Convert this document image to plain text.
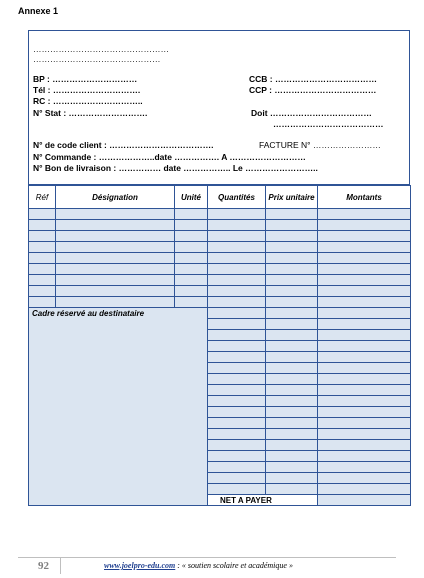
Annexe 1
…………………………………………
………………………………………
BP : …………………………	CCB : ………………………………
Tél : ………………………….	CCP : ………………………………
RC : …………………………..
N° Stat : ……………………….	Doit ………………………………
…………………………………
N° de code client : ……………………………….	FACTURE N° ……………………
N° Commande : ………………..date ……………. A ………………………
N° Bon de livraison : …………… date …………….. Le ……………………..
Réf	Désignation	Unité	Quantités	Prix unitaire	Montants

Cadre réservé au destinataire					

			NET A PAYER		
92	www.joelpro-edu.com : « soutien scolaire et académique »
